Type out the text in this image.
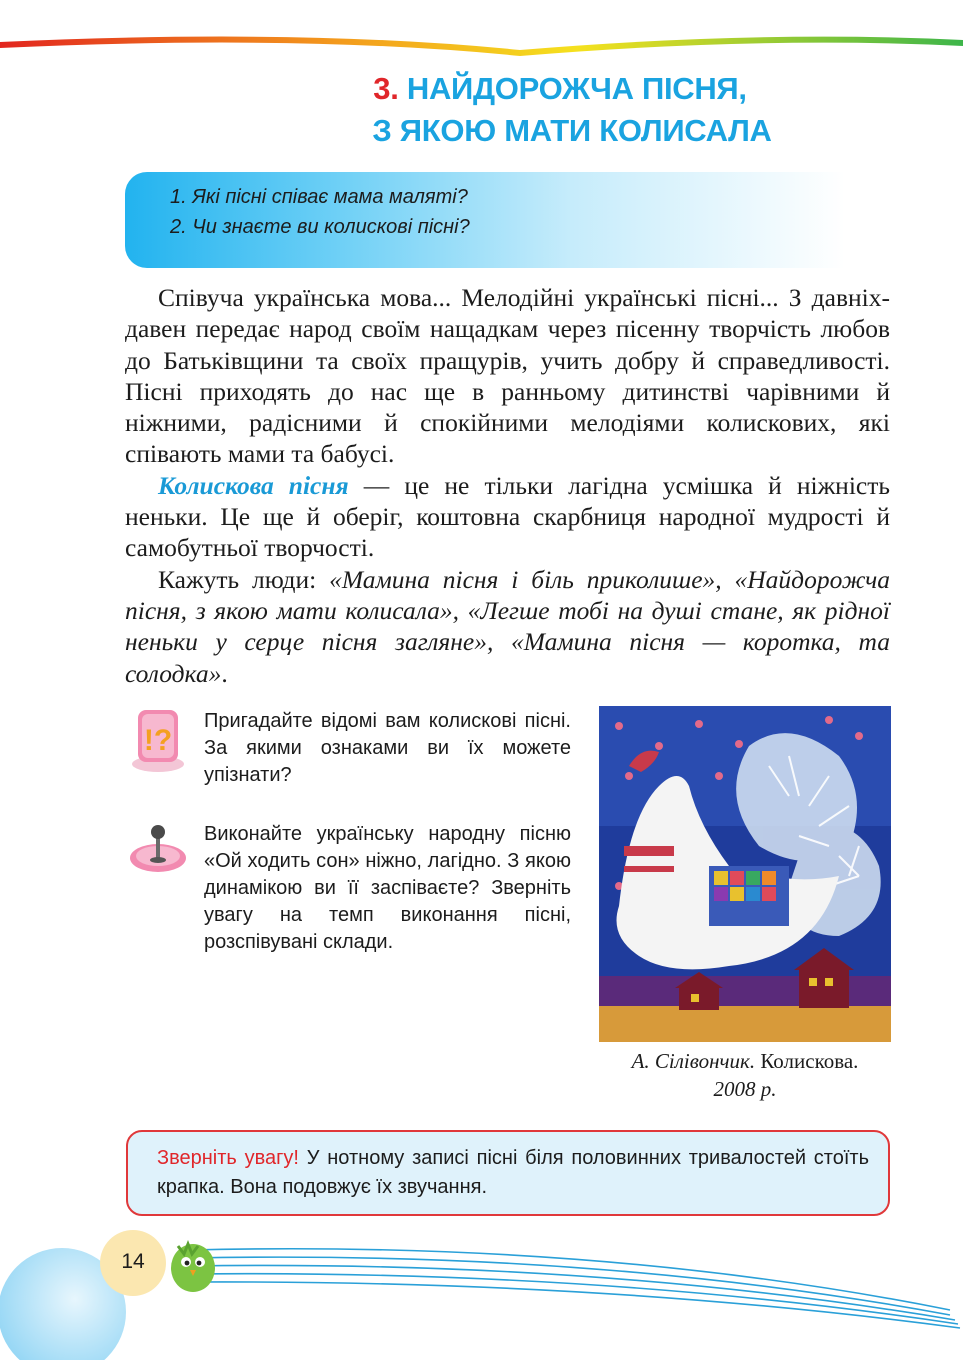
3. НАЙДОРОЖЧА ПІСНЯ,
З ЯКОЮ МАТИ КОЛИСАЛА
1. Які пісні співає мама маляті?
2. Чи знаєте ви колискові пісні?

Співуча українська мова... Мелодійні українські пісні... З давніх-давен передає народ своїм нащадкам через пісенну творчість любов до Батьківщини та своїх пращурів, учить добру й справедливості. Пісні приходять до нас ще в ранньому дитинстві чарівними й ніжними, радісними й спокійними мелодіями колискових, які співають мами та бабусі.

Колискова пісня — це не тільки лагідна усмішка й ніжність неньки. Це ще й оберіг, коштовна скарбниця народної мудрості й самобутньої творчості.

Кажуть люди: «Мамина пісня і біль приколише», «Найдорожча пісня, з якою мати колисала», «Легше тобі на душі стане, як рідної неньки у серце пісня загляне», «Мамина пісня — коротка, та солодка».

!?
Пригадайте відомі вам колискові пісні. За якими ознаками ви їх можете упізнати?
Виконайте українську народну пісню «Ой ходить сон» ніжно, лагідно. З якою динамікою ви її заспіваєте? Зверніть увагу на темп виконання пісні, розспівувані склади.
А. Сілівончик. Колискова.
2008 р.
Зверніть увагу! У нотному записі пісні біля половинних тривалостей стоїть крапка. Вона подовжує їх звучання.
14
